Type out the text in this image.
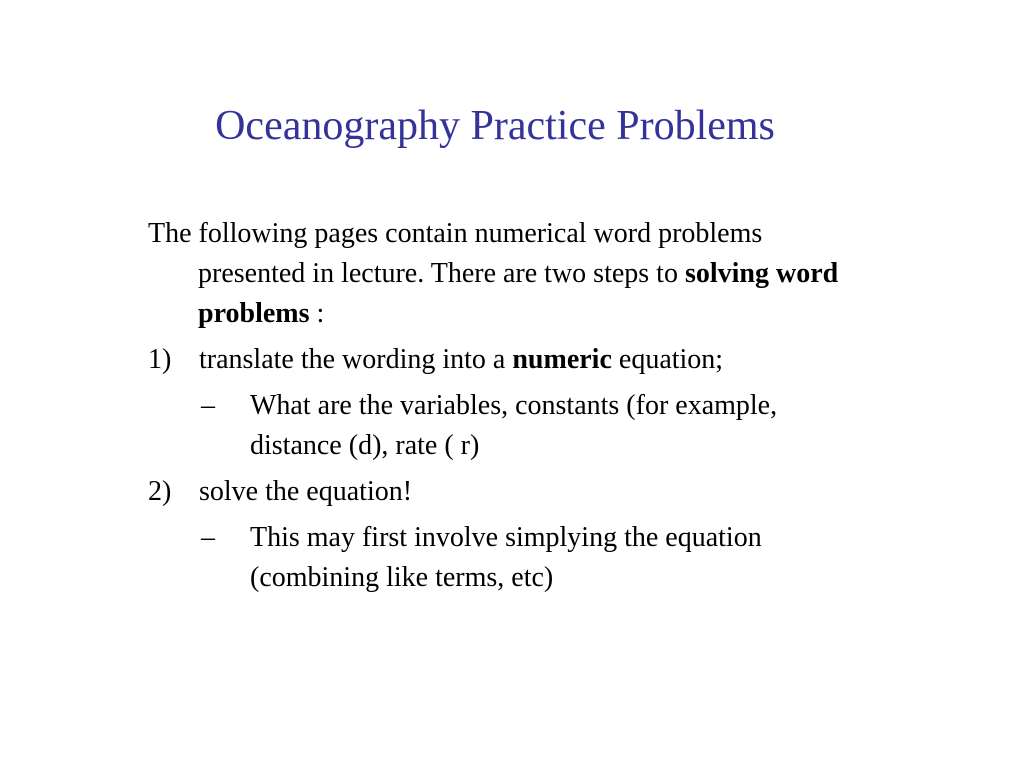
Oceanography Practice Problems

The following pages contain numerical word problems presented in lecture. There are two steps to solving word problems :

1) translate the wording into a numeric equation;
–	What are the variables, constants (for example, distance (d), rate ( r)
2) solve the equation!
–	This may first involve simplying the equation (combining like terms, etc)
